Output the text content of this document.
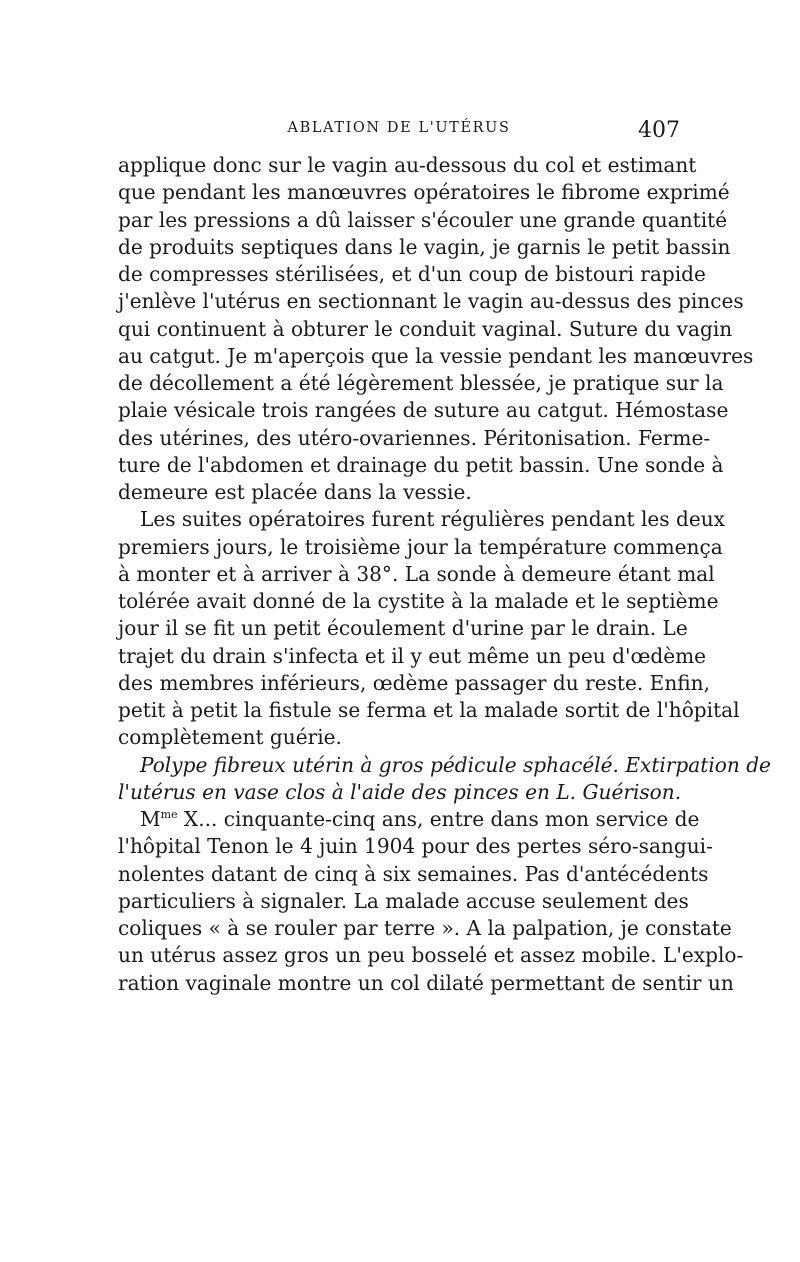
ABLATION DE L'UTÉRUS	407
applique donc sur le vagin au-dessous du col et estimant
que pendant les manœuvres opératoires le fibrome exprimé
par les pressions a dû laisser s'écouler une grande quantité
de produits septiques dans le vagin, je garnis le petit bassin
de compresses stérilisées, et d'un coup de bistouri rapide
j'enlève l'utérus en sectionnant le vagin au-dessus des pinces
qui continuent à obturer le conduit vaginal. Suture du vagin
au catgut. Je m'aperçois que la vessie pendant les manœuvres
de décollement a été légèrement blessée, je pratique sur la
plaie vésicale trois rangées de suture au catgut. Hémostase
des utérines, des utéro-ovariennes. Péritonisation. Ferme-
ture de l'abdomen et drainage du petit bassin. Une sonde à
demeure est placée dans la vessie.
Les suites opératoires furent régulières pendant les deux
premiers jours, le troisième jour la température commença
à monter et à arriver à 38°. La sonde à demeure étant mal
tolérée avait donné de la cystite à la malade et le septième
jour il se fit un petit écoulement d'urine par le drain. Le
trajet du drain s'infecta et il y eut même un peu d'œdème
des membres inférieurs, œdème passager du reste. Enfin,
petit à petit la fistule se ferma et la malade sortit de l'hôpital
complètement guérie.
Polype fibreux utérin à gros pédicule sphacélé. Extirpation de
l'utérus en vase clos à l'aide des pinces en L. Guérison.
$M^{me}$ X... cinquante-cinq ans, entre dans mon service de
l'hôpital Tenon le 4 juin 1904 pour des pertes séro-sangui-
nolentes datant de cinq à six semaines. Pas d'antécédents
particuliers à signaler. La malade accuse seulement des
coliques « à se rouler par terre ». A la palpation, je constate
un utérus assez gros un peu bosselé et assez mobile. L'explo-
ration vaginale montre un col dilaté permettant de sentir un
